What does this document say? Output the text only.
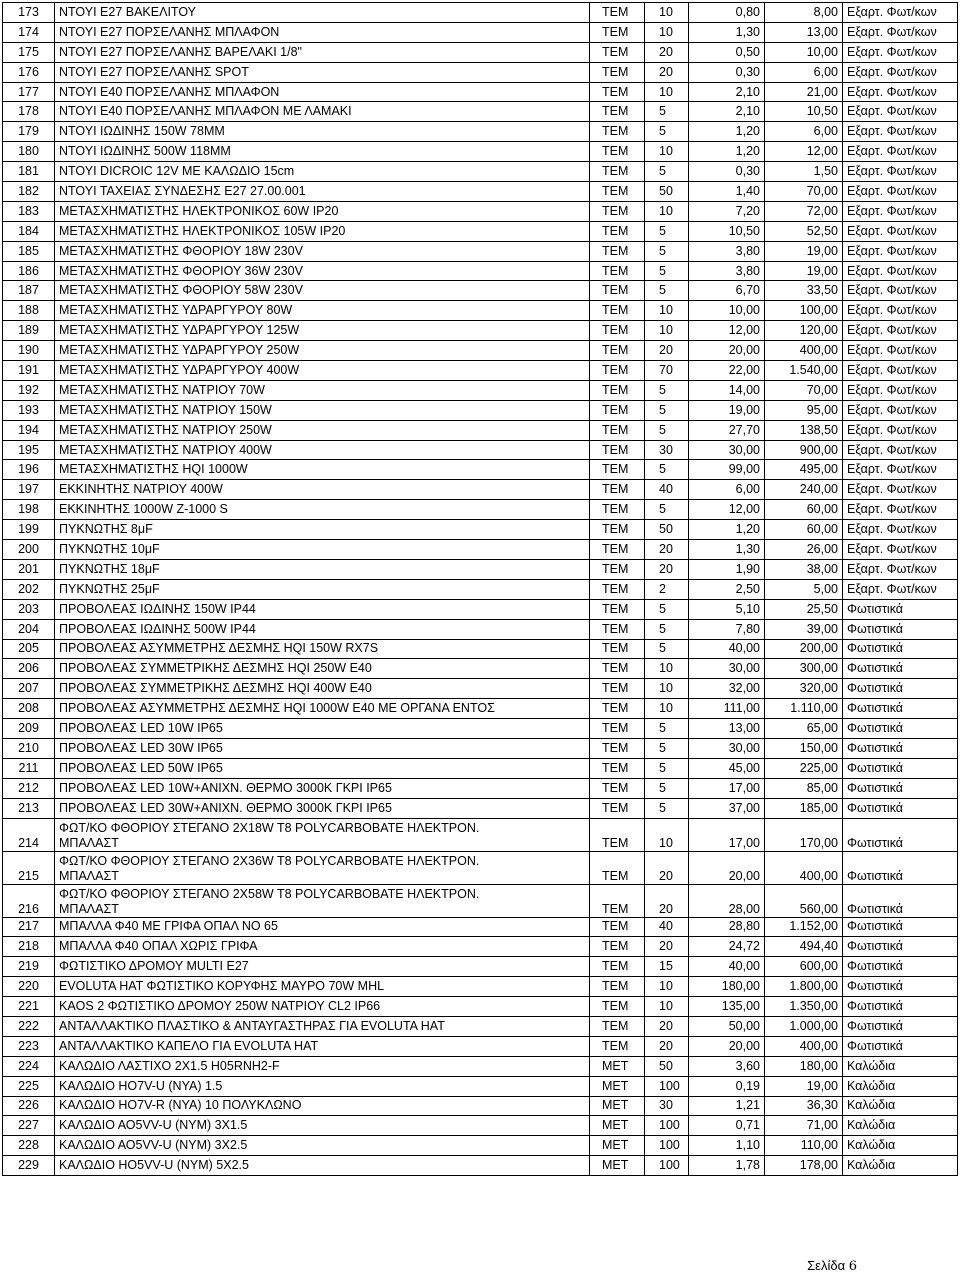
173	ΝΤΟΥΙ Ε27 ΒΑΚΕΛΙΤΟΥ	ΤΕΜ	10	0,80	8,00	Εξαρτ. Φωτ/κων
174	ΝΤΟΥΙ Ε27 ΠΟΡΣΕΛΑΝΗΣ ΜΠΛΑΦΟΝ	ΤΕΜ	10	1,30	13,00	Εξαρτ. Φωτ/κων
175	ΝΤΟΥΙ Ε27 ΠΟΡΣΕΛΑΝΗΣ ΒΑΡΕΛΑΚΙ 1/8"	ΤΕΜ	20	0,50	10,00	Εξαρτ. Φωτ/κων
176	ΝΤΟΥΙ Ε27 ΠΟΡΣΕΛΑΝΗΣ SPOT	ΤΕΜ	20	0,30	6,00	Εξαρτ. Φωτ/κων
177	ΝΤΟΥΙ Ε40 ΠΟΡΣΕΛΑΝΗΣ ΜΠΛΑΦΟΝ	ΤΕΜ	10	2,10	21,00	Εξαρτ. Φωτ/κων
178	ΝΤΟΥΙ Ε40 ΠΟΡΣΕΛΑΝΗΣ ΜΠΛΑΦΟΝ ΜΕ ΛΑΜΑΚΙ	ΤΕΜ	5	2,10	10,50	Εξαρτ. Φωτ/κων
179	ΝΤΟΥΙ ΙΩΔΙΝΗΣ 150W 78MM	ΤΕΜ	5	1,20	6,00	Εξαρτ. Φωτ/κων
180	ΝΤΟΥΙ ΙΩΔΙΝΗΣ 500W 118MM	ΤΕΜ	10	1,20	12,00	Εξαρτ. Φωτ/κων
181	ΝΤΟΥΙ DICROIC 12V ΜΕ ΚΑΛΩΔΙΟ 15cm	ΤΕΜ	5	0,30	1,50	Εξαρτ. Φωτ/κων
182	ΝΤΟΥΙ ΤΑΧΕΙΑΣ ΣΥΝΔΕΣΗΣ Ε27 27.00.001	ΤΕΜ	50	1,40	70,00	Εξαρτ. Φωτ/κων
183	ΜΕΤΑΣΧΗΜΑΤΙΣΤΗΣ ΗΛΕΚΤΡΟΝΙΚΟΣ 60W IP20	ΤΕΜ	10	7,20	72,00	Εξαρτ. Φωτ/κων
184	ΜΕΤΑΣΧΗΜΑΤΙΣΤΗΣ ΗΛΕΚΤΡΟΝΙΚΟΣ 105W IP20	ΤΕΜ	5	10,50	52,50	Εξαρτ. Φωτ/κων
185	ΜΕΤΑΣΧΗΜΑΤΙΣΤΗΣ ΦΘΟΡΙΟΥ 18W 230V	ΤΕΜ	5	3,80	19,00	Εξαρτ. Φωτ/κων
186	ΜΕΤΑΣΧΗΜΑΤΙΣΤΗΣ ΦΘΟΡΙΟΥ 36W 230V	ΤΕΜ	5	3,80	19,00	Εξαρτ. Φωτ/κων
187	ΜΕΤΑΣΧΗΜΑΤΙΣΤΗΣ ΦΘΟΡΙΟΥ 58W 230V	ΤΕΜ	5	6,70	33,50	Εξαρτ. Φωτ/κων
188	ΜΕΤΑΣΧΗΜΑΤΙΣΤΗΣ ΥΔΡΑΡΓΥΡΟΥ 80W	ΤΕΜ	10	10,00	100,00	Εξαρτ. Φωτ/κων
189	ΜΕΤΑΣΧΗΜΑΤΙΣΤΗΣ ΥΔΡΑΡΓΥΡΟΥ 125W	ΤΕΜ	10	12,00	120,00	Εξαρτ. Φωτ/κων
190	ΜΕΤΑΣΧΗΜΑΤΙΣΤΗΣ ΥΔΡΑΡΓΥΡΟΥ 250W	ΤΕΜ	20	20,00	400,00	Εξαρτ. Φωτ/κων
191	ΜΕΤΑΣΧΗΜΑΤΙΣΤΗΣ ΥΔΡΑΡΓΥΡΟΥ 400W	ΤΕΜ	70	22,00	1.540,00	Εξαρτ. Φωτ/κων
192	ΜΕΤΑΣΧΗΜΑΤΙΣΤΗΣ ΝΑΤΡΙΟΥ 70W	ΤΕΜ	5	14,00	70,00	Εξαρτ. Φωτ/κων
193	ΜΕΤΑΣΧΗΜΑΤΙΣΤΗΣ ΝΑΤΡΙΟΥ 150W	ΤΕΜ	5	19,00	95,00	Εξαρτ. Φωτ/κων
194	ΜΕΤΑΣΧΗΜΑΤΙΣΤΗΣ ΝΑΤΡΙΟΥ 250W	ΤΕΜ	5	27,70	138,50	Εξαρτ. Φωτ/κων
195	ΜΕΤΑΣΧΗΜΑΤΙΣΤΗΣ ΝΑΤΡΙΟΥ 400W	ΤΕΜ	30	30,00	900,00	Εξαρτ. Φωτ/κων
196	ΜΕΤΑΣΧΗΜΑΤΙΣΤΗΣ HQI 1000W	ΤΕΜ	5	99,00	495,00	Εξαρτ. Φωτ/κων
197	ΕΚΚΙΝΗΤΗΣ ΝΑΤΡΙΟΥ 400W	ΤΕΜ	40	6,00	240,00	Εξαρτ. Φωτ/κων
198	ΕΚΚΙΝΗΤΗΣ 1000W Z-1000 S	ΤΕΜ	5	12,00	60,00	Εξαρτ. Φωτ/κων
199	ΠΥΚΝΩΤΗΣ 8μF	ΤΕΜ	50	1,20	60,00	Εξαρτ. Φωτ/κων
200	ΠΥΚΝΩΤΗΣ 10μF	ΤΕΜ	20	1,30	26,00	Εξαρτ. Φωτ/κων
201	ΠΥΚΝΩΤΗΣ 18μF	ΤΕΜ	20	1,90	38,00	Εξαρτ. Φωτ/κων
202	ΠΥΚΝΩΤΗΣ 25μF	ΤΕΜ	2	2,50	5,00	Εξαρτ. Φωτ/κων
203	ΠΡΟΒΟΛΕΑΣ ΙΩΔΙΝΗΣ 150W IP44	ΤΕΜ	5	5,10	25,50	Φωτιστικά
204	ΠΡΟΒΟΛΕΑΣ ΙΩΔΙΝΗΣ 500W IP44	ΤΕΜ	5	7,80	39,00	Φωτιστικά
205	ΠΡΟΒΟΛΕΑΣ ΑΣΥΜΜΕΤΡΗΣ ΔΕΣΜΗΣ HQI 150W RX7S	ΤΕΜ	5	40,00	200,00	Φωτιστικά
206	ΠΡΟΒΟΛΕΑΣ ΣΥΜΜΕΤΡΙΚΗΣ ΔΕΣΜΗΣ HQI 250W E40	ΤΕΜ	10	30,00	300,00	Φωτιστικά
207	ΠΡΟΒΟΛΕΑΣ ΣΥΜΜΕΤΡΙΚΗΣ ΔΕΣΜΗΣ HQI 400W E40	ΤΕΜ	10	32,00	320,00	Φωτιστικά
208	ΠΡΟΒΟΛΕΑΣ ΑΣΥΜΜΕΤΡΗΣ ΔΕΣΜΗΣ HQI 1000W E40 ΜΕ ΟΡΓΑΝΑ ΕΝΤΟΣ	ΤΕΜ	10	111,00	1.110,00	Φωτιστικά
209	ΠΡΟΒΟΛΕΑΣ LED 10W IP65	ΤΕΜ	5	13,00	65,00	Φωτιστικά
210	ΠΡΟΒΟΛΕΑΣ LED 30W IP65	ΤΕΜ	5	30,00	150,00	Φωτιστικά
211	ΠΡΟΒΟΛΕΑΣ LED 50W IP65	ΤΕΜ	5	45,00	225,00	Φωτιστικά
212	ΠΡΟΒΟΛΕΑΣ LED 10W+ΑΝΙΧΝ. ΘΕΡΜΟ 3000Κ ΓΚΡΙ IP65	ΤΕΜ	5	17,00	85,00	Φωτιστικά
213	ΠΡΟΒΟΛΕΑΣ LED 30W+ΑΝΙΧΝ. ΘΕΡΜΟ 3000Κ ΓΚΡΙ IP65	ΤΕΜ	5	37,00	185,00	Φωτιστικά
214	ΦΩΤ/ΚΟ ΦΘΟΡΙΟΥ ΣΤΕΓΑΝΟ 2Χ18W T8 POLYCARBOBATE ΗΛΕΚΤΡΟΝ.
ΜΠΑΛΑΣΤ	ΤΕΜ	10	17,00	170,00	Φωτιστικά
215	ΦΩΤ/ΚΟ ΦΘΟΡΙΟΥ ΣΤΕΓΑΝΟ 2Χ36W T8 POLYCARBOBATE ΗΛΕΚΤΡΟΝ.
ΜΠΑΛΑΣΤ	ΤΕΜ	20	20,00	400,00	Φωτιστικά
216	ΦΩΤ/ΚΟ ΦΘΟΡΙΟΥ ΣΤΕΓΑΝΟ 2Χ58W T8 POLYCARBOBATE ΗΛΕΚΤΡΟΝ.
ΜΠΑΛΑΣΤ	ΤΕΜ	20	28,00	560,00	Φωτιστικά
217	ΜΠΑΛΛΑ Φ40 ΜΕ ΓΡΙΦΑ ΟΠΑΛ ΝΟ 65	ΤΕΜ	40	28,80	1.152,00	Φωτιστικά
218	ΜΠΑΛΛΑ Φ40 ΟΠΑΛ ΧΩΡΙΣ ΓΡΙΦΑ	ΤΕΜ	20	24,72	494,40	Φωτιστικά
219	ΦΩΤΙΣΤΙΚΟ ΔΡΟΜΟΥ MULTI E27	ΤΕΜ	15	40,00	600,00	Φωτιστικά
220	EVOLUTA HAT ΦΩΤΙΣΤΙΚΟ ΚΟΡΥΦΗΣ ΜΑΥΡΟ 70W MHL	ΤΕΜ	10	180,00	1.800,00	Φωτιστικά
221	KAOS 2 ΦΩΤΙΣΤΙΚΟ ΔΡΟΜΟΥ 250W ΝΑΤΡΙΟΥ CL2 IP66	ΤΕΜ	10	135,00	1.350,00	Φωτιστικά
222	ΑΝΤΑΛΛΑΚΤΙΚΟ ΠΛΑΣΤΙΚΟ & ΑΝΤΑΥΓΑΣΤΗΡΑΣ ΓΙΑ EVOLUTA HAT	ΤΕΜ	20	50,00	1.000,00	Φωτιστικά
223	ΑΝΤΑΛΛΑΚΤΙΚΟ ΚΑΠΕΛΟ ΓΙΑ EVOLUTA HAT	ΤΕΜ	20	20,00	400,00	Φωτιστικά
224	ΚΑΛΩΔΙΟ ΛΑΣΤΙΧΟ 2Χ1.5 H05RNH2-F	ΜΕΤ	50	3,60	180,00	Καλώδια
225	ΚΑΛΩΔΙΟ HO7V-U (NYA) 1.5	ΜΕΤ	100	0,19	19,00	Καλώδια
226	ΚΑΛΩΔΙΟ HO7V-R (NYA) 10 ΠΟΛΥΚΛΩΝΟ	ΜΕΤ	30	1,21	36,30	Καλώδια
227	ΚΑΛΩΔΙΟ ΑΟ5VV-U (NYM) 3X1.5	ΜΕΤ	100	0,71	71,00	Καλώδια
228	ΚΑΛΩΔΙΟ ΑΟ5VV-U (NYM) 3X2.5	ΜΕΤ	100	1,10	110,00	Καλώδια
229	ΚΑΛΩΔΙΟ HO5VV-U (NYM) 5X2.5	ΜΕΤ	100	1,78	178,00	Καλώδια
Σελίδα 6
